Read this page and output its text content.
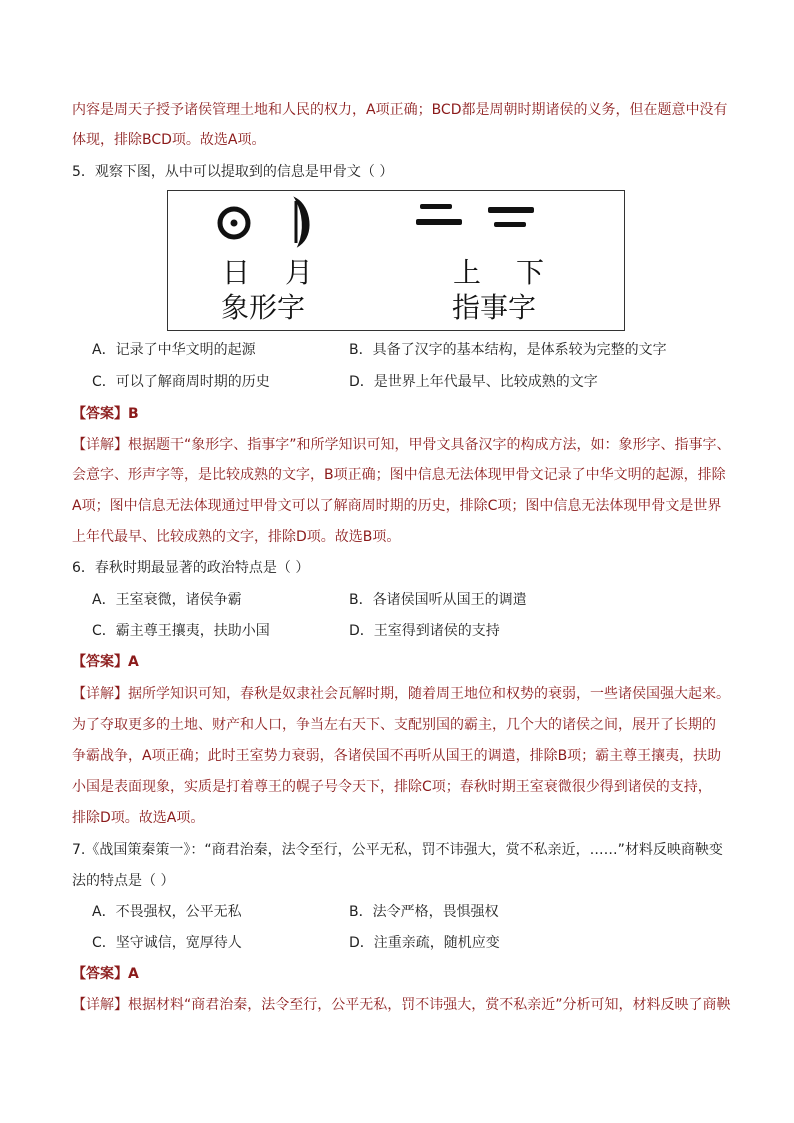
内容是周天子授予诸侯管理土地和人民的权力，A项正确；BCD都是周朝时期诸侯的义务，但在题意中没有
体现，排除BCD项。故选A项。
5．观察下图，从中可以提取到的信息是甲骨文（ ）
日 月	上 下
象形字	指事字
A．记录了中华文明的起源	B．具备了汉字的基本结构，是体系较为完整的文字
C．可以了解商周时期的历史	D．是世界上年代最早、比较成熟的文字
【答案】B
【详解】根据题干“象形字、指事字”和所学知识可知，甲骨文具备汉字的构成方法，如：象形字、指事字、
会意字、形声字等，是比较成熟的文字，B项正确；图中信息无法体现甲骨文记录了中华文明的起源，排除
A项；图中信息无法体现通过甲骨文可以了解商周时期的历史，排除C项；图中信息无法体现甲骨文是世界
上年代最早、比较成熟的文字，排除D项。故选B项。
6．春秋时期最显著的政治特点是（ ）
A．王室衰微，诸侯争霸	B．各诸侯国听从国王的调遣
C．霸主尊王攘夷，扶助小国	D．王室得到诸侯的支持
【答案】A
【详解】据所学知识可知，春秋是奴隶社会瓦解时期，随着周王地位和权势的衰弱，一些诸侯国强大起来。
为了夺取更多的土地、财产和人口，争当左右天下、支配别国的霸主，几个大的诸侯之间，展开了长期的
争霸战争，A项正确；此时王室势力衰弱，各诸侯国不再听从国王的调遣，排除B项；霸主尊王攘夷，扶助
小国是表面现象，实质是打着尊王的幌子号令天下，排除C项；春秋时期王室衰微很少得到诸侯的支持，
排除D项。故选A项。
7.《战国策秦策一》：“商君治秦，法令至行，公平无私，罚不讳强大，赏不私亲近，……”材料反映商鞅变
法的特点是（ ）
A．不畏强权，公平无私	B．法令严格，畏惧强权
C．坚守诚信，宽厚待人	D．注重亲疏，随机应变
【答案】A
【详解】根据材料“商君治秦，法令至行，公平无私，罚不讳强大，赏不私亲近”分析可知，材料反映了商鞅
